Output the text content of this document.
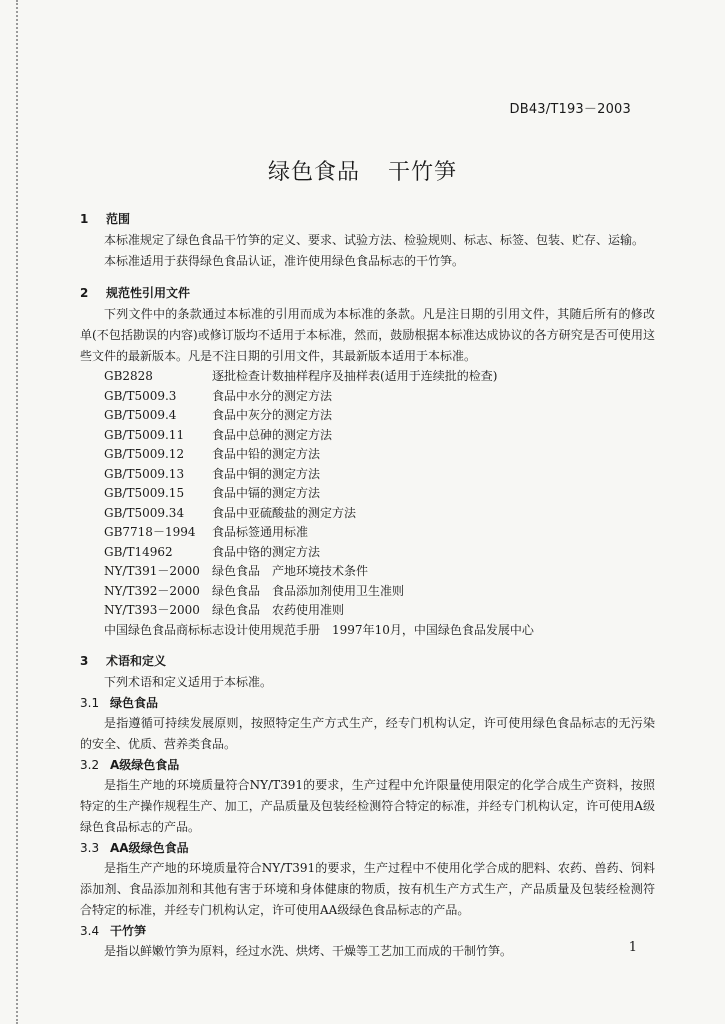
DB43/T193－2003
绿色食品 干竹笋
1 范围

本标准规定了绿色食品干竹笋的定义、要求、试验方法、检验规则、标志、标签、包装、贮存、运输。

本标准适用于获得绿色食品认证，准许使用绿色食品标志的干竹笋。

2 规范性引用文件

下列文件中的条款通过本标准的引用而成为本标准的条款。凡是注日期的引用文件，其随后所有的修改单(不包括勘误的内容)或修订版均不适用于本标准，然而，鼓励根据本标准达成协议的各方研究是否可使用这些文件的最新版本。凡是不注日期的引用文件，其最新版本适用于本标准。

GB2828　	逐批检查计数抽样程序及抽样表(适用于连续批的检查)
GB/T5009.3　	食品中水分的测定方法
GB/T5009.4　	食品中灰分的测定方法
GB/T5009.11　 食品中总砷的测定方法
GB/T5009.12　 食品中铅的测定方法
GB/T5009.13　 食品中铜的测定方法
GB/T5009.15　 食品中镉的测定方法
GB/T5009.34　 食品中亚硫酸盐的测定方法
GB7718－1994　 食品标签通用标准
GB/T14962　	食品中铬的测定方法
NY/T391－2000　 绿色食品　产地环境技术条件
NY/T392－2000　 绿色食品　食品添加剂使用卫生准则
NY/T393－2000　 绿色食品　农药使用准则
中国绿色食品商标标志设计使用规范手册　 1997年10月，中国绿色食品发展中心
3 术语和定义

下列术语和定义适用于本标准。

3.1 绿色食品

是指遵循可持续发展原则，按照特定生产方式生产，经专门机构认定，许可使用绿色食品标志的无污染的安全、优质、营养类食品。

3.2 A级绿色食品

是指生产地的环境质量符合NY/T391的要求，生产过程中允许限量使用限定的化学合成生产资料，按照特定的生产操作规程生产、加工，产品质量及包装经检测符合特定的标准，并经专门机构认定，许可使用A级绿色食品标志的产品。

3.3 AA级绿色食品

是指生产产地的环境质量符合NY/T391的要求，生产过程中不使用化学合成的肥料、农药、兽药、饲料添加剂、食品添加剂和其他有害于环境和身体健康的物质，按有机生产方式生产，产品质量及包装经检测符合特定的标准，并经专门机构认定，许可使用AA级绿色食品标志的产品。

3.4 干竹笋

是指以鲜嫩竹笋为原料，经过水洗、烘烤、干燥等工艺加工而成的干制竹笋。	1
